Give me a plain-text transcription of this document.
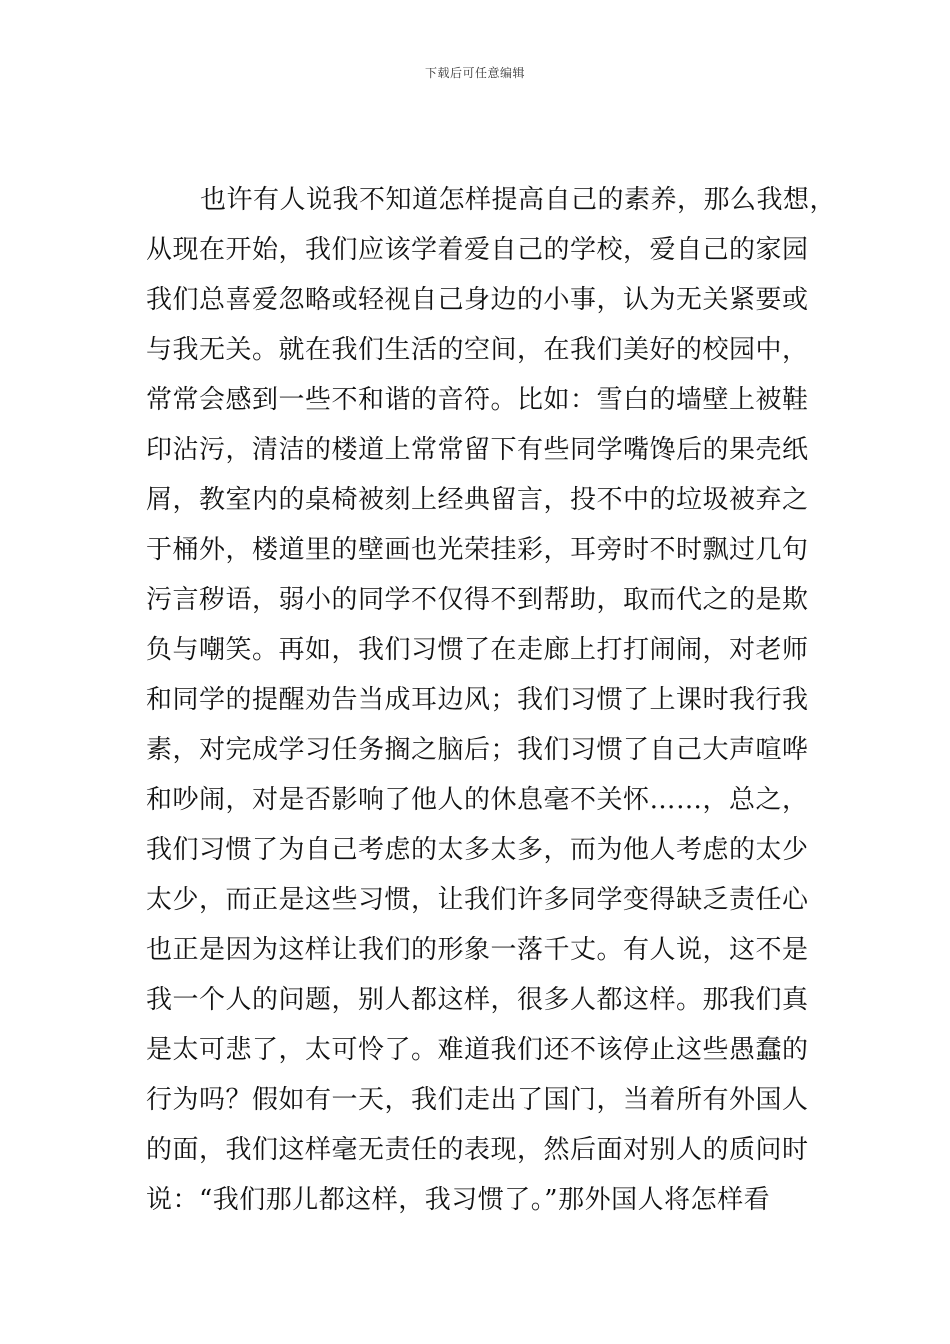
下载后可任意编辑
也许有人说我不知道怎样提高自己的素养，那么我想，
从现在开始，我们应该学着爱自己的学校，爱自己的家园
我们总喜爱忽略或轻视自己身边的小事，认为无关紧要或
与我无关。就在我们生活的空间，在我们美好的校园中，
常常会感到一些不和谐的音符。比如：雪白的墙壁上被鞋
印沾污，清洁的楼道上常常留下有些同学嘴馋后的果壳纸
屑，教室内的桌椅被刻上经典留言，投不中的垃圾被弃之
于桶外，楼道里的壁画也光荣挂彩，耳旁时不时飘过几句
污言秽语，弱小的同学不仅得不到帮助，取而代之的是欺
负与嘲笑。再如，我们习惯了在走廊上打打闹闹，对老师
和同学的提醒劝告当成耳边风；我们习惯了上课时我行我
素，对完成学习任务搁之脑后；我们习惯了自己大声喧哗
和吵闹，对是否影响了他人的休息毫不关怀……，总之，
我们习惯了为自己考虑的太多太多，而为他人考虑的太少
太少，而正是这些习惯，让我们许多同学变得缺乏责任心
也正是因为这样让我们的形象一落千丈。有人说，这不是
我一个人的问题，别人都这样，很多人都这样。那我们真
是太可悲了，太可怜了。难道我们还不该停止这些愚蠢的
行为吗？假如有一天，我们走出了国门，当着所有外国人
的面，我们这样毫无责任的表现，然后面对别人的质问时
说：“我们那儿都这样，我习惯了。”那外国人将怎样看
